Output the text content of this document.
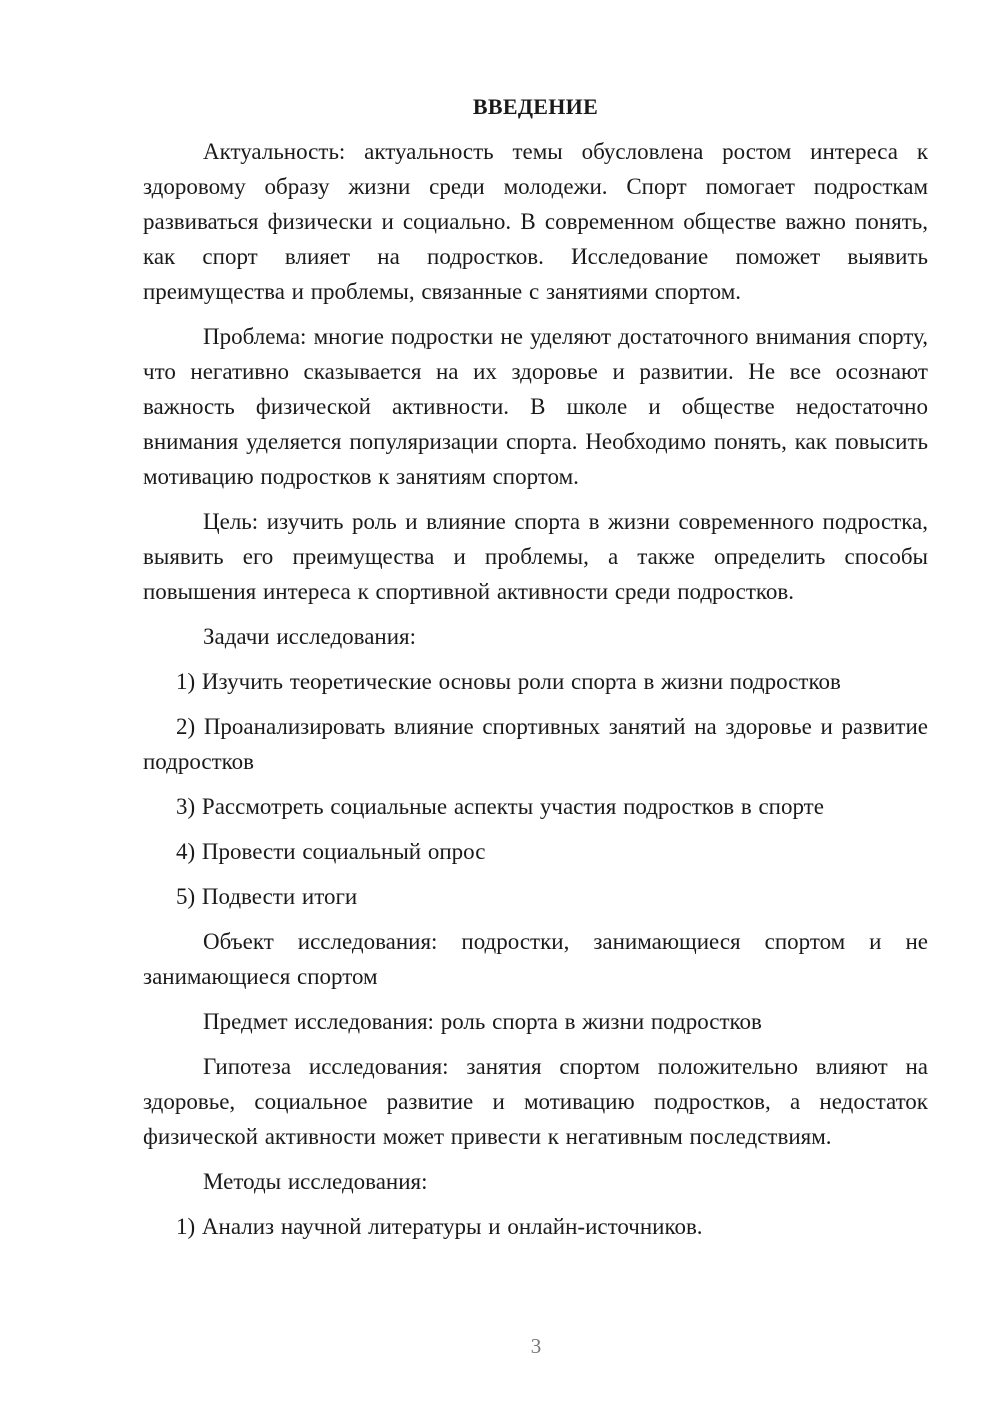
ВВЕДЕНИЕ

Актуальность: актуальность темы обусловлена ростом интереса к здоровому образу жизни среди молодежи. Спорт помогает подросткам развиваться физически и социально. В современном обществе важно понять, как спорт влияет на подростков. Исследование поможет выявить преимущества и проблемы, связанные с занятиями спортом.

Проблема: многие подростки не уделяют достаточного внимания спорту, что негативно сказывается на их здоровье и развитии. Не все осознают важность физической активности. В школе и обществе недостаточно внимания уделяется популяризации спорта. Необходимо понять, как повысить мотивацию подростков к занятиям спортом.

Цель: изучить роль и влияние спорта в жизни современного подростка, выявить его преимущества и проблемы, а также определить способы повышения интереса к спортивной активности среди подростков.

Задачи исследования:

1) Изучить теоретические основы роли спорта в жизни подростков

2) Проанализировать влияние спортивных занятий на здоровье и развитие подростков

3) Рассмотреть социальные аспекты участия подростков в спорте

4) Провести социальный опрос

5) Подвести итоги

Объект исследования: подростки, занимающиеся спортом и не занимающиеся спортом

Предмет исследования: роль спорта в жизни подростков

Гипотеза исследования: занятия спортом положительно влияют на здоровье, социальное развитие и мотивацию подростков, а недостаток физической активности может привести к негативным последствиям.

Методы исследования:

1) Анализ научной литературы и онлайн-источников.

3
